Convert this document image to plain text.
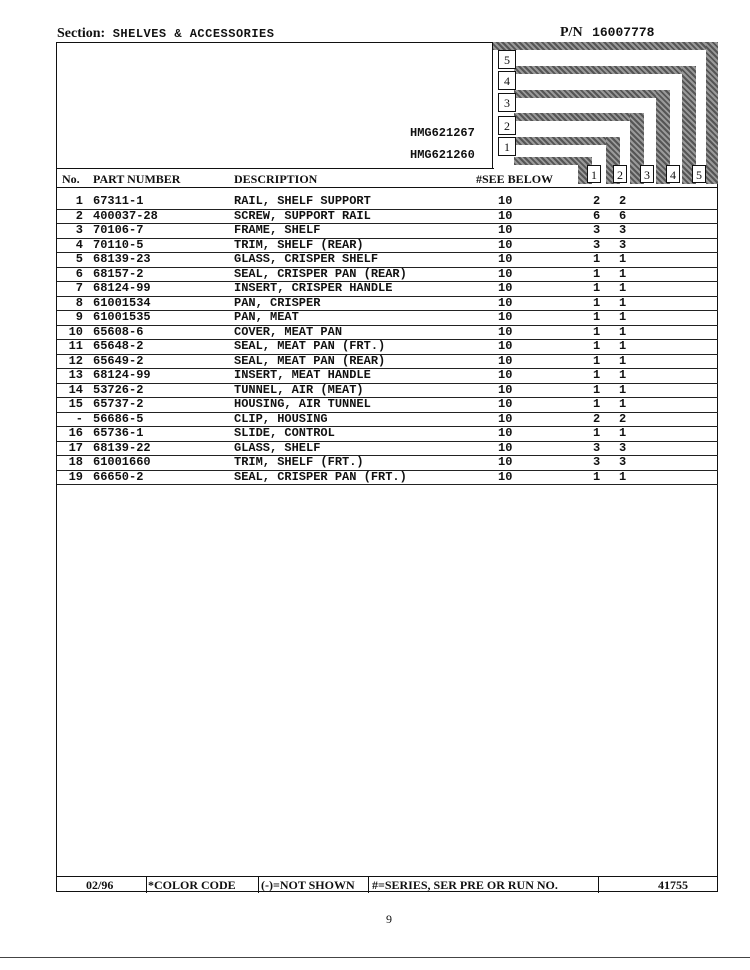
Section: SHELVES & ACCESSORIES	P/N 16007778
5
4
3
2
1
HMG621267
HMG621260
No. PART NUMBER	DESCRIPTION	#SEE BELOW	1	2	3	4	5
1 67311-1	RAIL, SHELF SUPPORT	10	2 2
2 400037-28	SCREW, SUPPORT RAIL	10	6 6
3 70106-7	FRAME, SHELF	10	3 3
4 70110-5	TRIM, SHELF (REAR)	10	3 3
5 68139-23	GLASS, CRISPER SHELF	10	1 1
6 68157-2	SEAL, CRISPER PAN (REAR)	10	1 1
7 68124-99	INSERT, CRISPER HANDLE	10	1 1
8 61001534	PAN, CRISPER	10	1 1
9 61001535	PAN, MEAT	10	1 1
10 65608-6	COVER, MEAT PAN	10	1 1
11 65648-2	SEAL, MEAT PAN (FRT.)	10	1 1
12 65649-2	SEAL, MEAT PAN (REAR)	10	1 1
13 68124-99	INSERT, MEAT HANDLE	10	1 1
14 53726-2	TUNNEL, AIR (MEAT)	10	1 1
15 65737-2	HOUSING, AIR TUNNEL	10	1 1
- 56686-5	CLIP, HOUSING	10	2 2
16 65736-1	SLIDE, CONTROL	10	1 1
17 68139-22	GLASS, SHELF	10	3 3
18 61001660	TRIM, SHELF (FRT.)	10	3 3
19 66650-2	SEAL, CRISPER PAN (FRT.)	10	1 1
02/96	*COLOR CODE (-)=NOT SHOWN #=SERIES, SER PRE OR RUN NO.	41755
9
